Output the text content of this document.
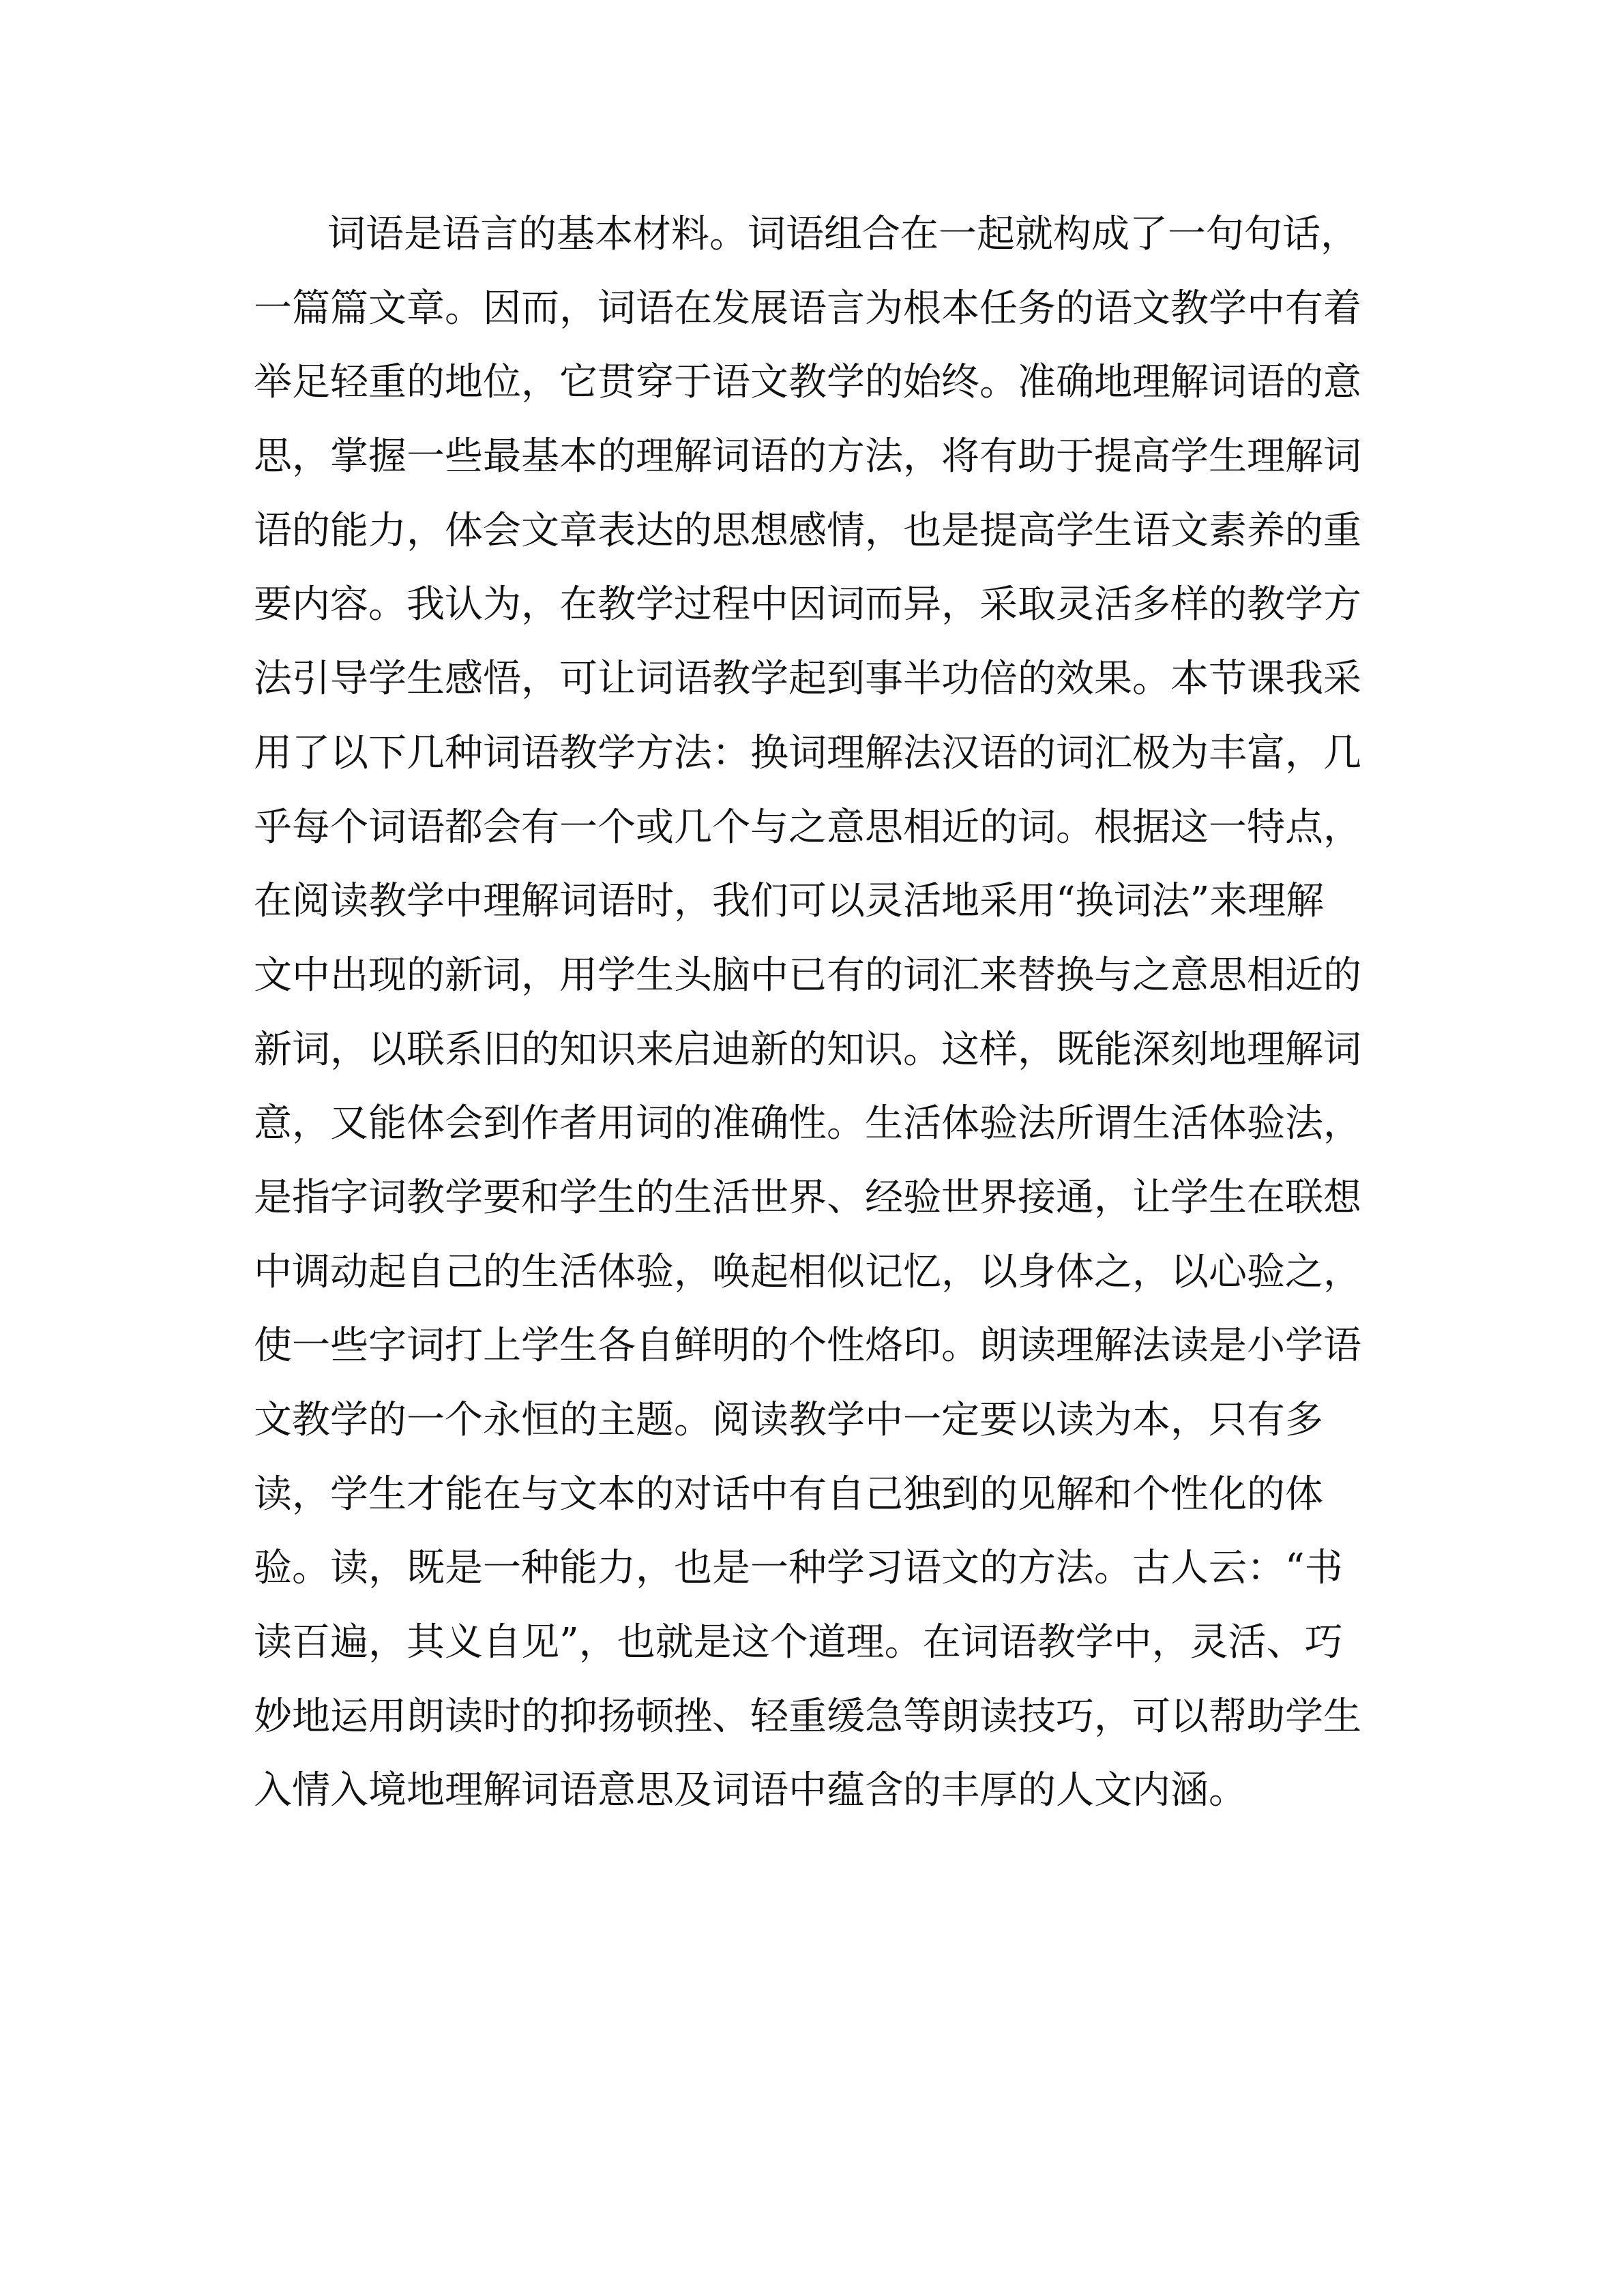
词语是语言的基本材料。词语组合在一起就构成了一句句话，
一篇篇文章。因而，词语在发展语言为根本任务的语文教学中有着
举足轻重的地位，它贯穿于语文教学的始终。准确地理解词语的意
思，掌握一些最基本的理解词语的方法，将有助于提高学生理解词
语的能力，体会文章表达的思想感情，也是提高学生语文素养的重
要内容。我认为，在教学过程中因词而异，采取灵活多样的教学方
法引导学生感悟，可让词语教学起到事半功倍的效果。本节课我采
用了以下几种词语教学方法：换词理解法汉语的词汇极为丰富，几
乎每个词语都会有一个或几个与之意思相近的词。根据这一特点，
在阅读教学中理解词语时，我们可以灵活地采用“换词法”来理解
文中出现的新词，用学生头脑中已有的词汇来替换与之意思相近的
新词，以联系旧的知识来启迪新的知识。这样，既能深刻地理解词
意，又能体会到作者用词的准确性。生活体验法所谓生活体验法，
是指字词教学要和学生的生活世界、经验世界接通，让学生在联想
中调动起自己的生活体验，唤起相似记忆，以身体之，以心验之，
使一些字词打上学生各自鲜明的个性烙印。朗读理解法读是小学语
文教学的一个永恒的主题。阅读教学中一定要以读为本，只有多
读，学生才能在与文本的对话中有自己独到的见解和个性化的体
验。读，既是一种能力，也是一种学习语文的方法。古人云：“书
读百遍，其义自见”，也就是这个道理。在词语教学中，灵活、巧
妙地运用朗读时的抑扬顿挫、轻重缓急等朗读技巧，可以帮助学生
入情入境地理解词语意思及词语中蕴含的丰厚的人文内涵。
